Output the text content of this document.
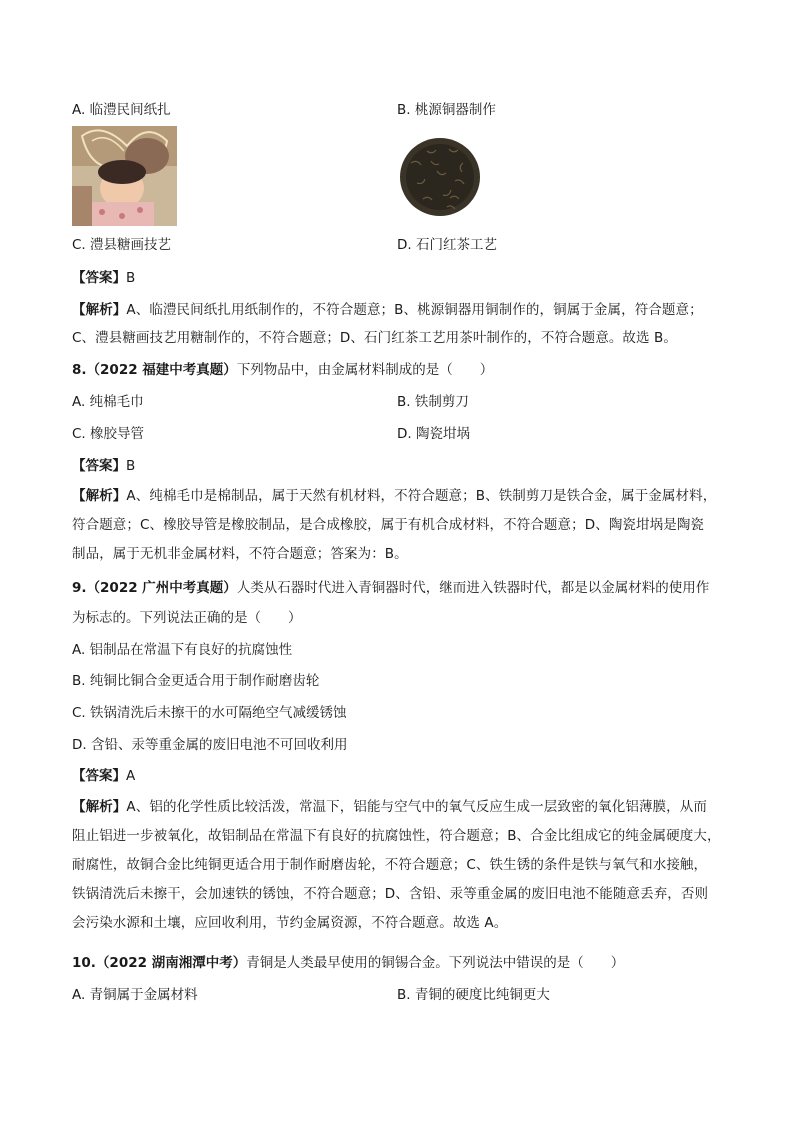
A. 临澧民间纸扎	B. 桃源铜器制作
C. 澧县糖画技艺	D. 石门红茶工艺
【答案】B
【解析】A、临澧民间纸扎用纸制作的，不符合题意；B、桃源铜器用铜制作的，铜属于金属，符合题意；
C、澧县糖画技艺用糖制作的，不符合题意；D、石门红茶工艺用茶叶制作的，不符合题意。故选 B。
8.（2022 福建中考真题）下列物品中，由金属材料制成的是（　　）
A. 纯棉毛巾	B. 铁制剪刀
C. 橡胶导管	D. 陶瓷坩埚
【答案】B
【解析】A、纯棉毛巾是棉制品，属于天然有机材料，不符合题意；B、铁制剪刀是铁合金，属于金属材料，
符合题意；C、橡胶导管是橡胶制品，是合成橡胶，属于有机合成材料，不符合题意；D、陶瓷坩埚是陶瓷
制品，属于无机非金属材料，不符合题意；答案为：B。
9.（2022 广州中考真题）人类从石器时代进入青铜器时代，继而进入铁器时代，都是以金属材料的使用作
为标志的。下列说法正确的是（　　）
A. 铝制品在常温下有良好的抗腐蚀性
B. 纯铜比铜合金更适合用于制作耐磨齿轮
C. 铁锅清洗后未擦干的水可隔绝空气减缓锈蚀
D. 含铅、汞等重金属的废旧电池不可回收利用
【答案】A
【解析】A、铝的化学性质比较活泼，常温下，铝能与空气中的氧气反应生成一层致密的氧化铝薄膜，从而
阻止铝进一步被氧化，故铝制品在常温下有良好的抗腐蚀性，符合题意；B、合金比组成它的纯金属硬度大，
耐腐性，故铜合金比纯铜更适合用于制作耐磨齿轮，不符合题意；C、铁生锈的条件是铁与氧气和水接触，
铁锅清洗后未擦干，会加速铁的锈蚀，不符合题意；D、含铅、汞等重金属的废旧电池不能随意丢弃，否则
会污染水源和土壤，应回收利用，节约金属资源，不符合题意。故选 A。
10.（2022 湖南湘潭中考）青铜是人类最早使用的铜锡合金。下列说法中错误的是（　　）
A. 青铜属于金属材料	B. 青铜的硬度比纯铜更大
